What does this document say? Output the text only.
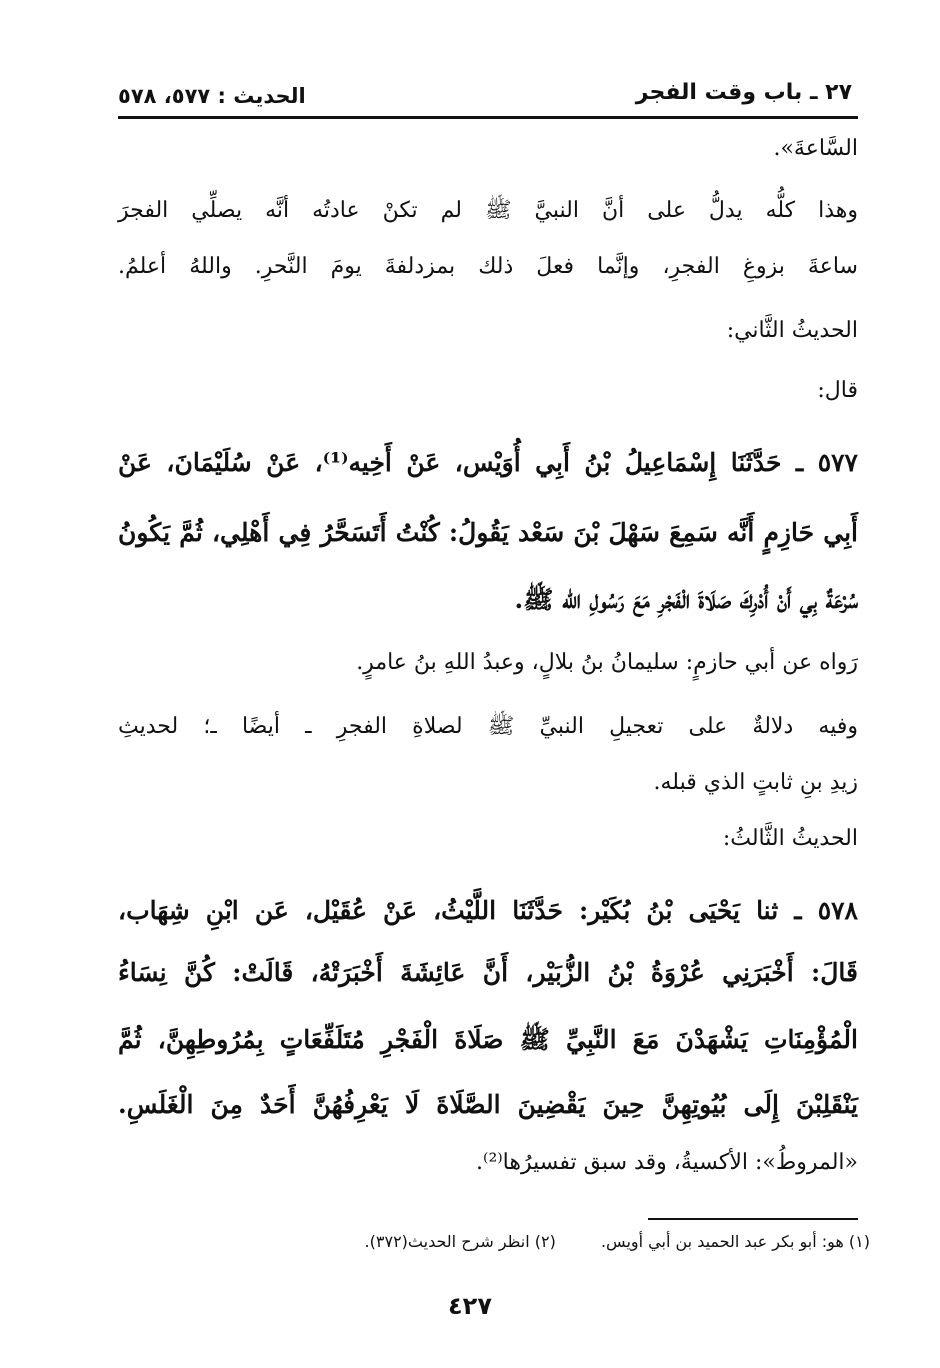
٢٧ ـ باب وقت الفجر
الحديث : ٥٧٧، ٥٧٨
السَّاعةَ».
وهذا كلُّه يدلُّ على أنَّ النبيَّ ﷺ لم تكنْ عادتُه أنَّه يصلِّي الفجرَ
ساعةَ بزوغِ الفجرِ، وإنَّما فعلَ ذلك بمزدلفةَ يومَ النَّحرِ. واللهُ أعلمُ.
الحديثُ الثَّاني:
قال:
٥٧٧ ـ حَدَّثَنَا إِسْمَاعِيلُ بْنُ أَبِي أُوَيْس، عَنْ أَخِيه⁽¹⁾، عَنْ سُلَيْمَانَ، عَنْ
أَبِي حَازِمٍ أَنَّه سَمِعَ سَهْلَ بْنَ سَعْد يَقُولُ: كُنْتُ أَتَسَحَّرُ فِي أَهْلِي، ثُمَّ يَكُونُ
سُرْعَةٌ بِي أَنْ أُدْرِكَ صَلَاةَ الْفَجْرِ مَعَ رَسُولِ الله ﷺ.
رَواه عن أبي حازمٍ: سليمانُ بنُ بلالٍ، وعبدُ اللهِ بنُ عامرٍ.
وفيه دلالةٌ على تعجيلِ النبيِّ ﷺ لصلاةِ الفجرِ ـ أيضًا ـ؛ لحديثِ
زيدِ بنِ ثابتٍ الذي قبله.
الحديثُ الثَّالثُ:
٥٧٨ ـ ثنا يَحْيَى بْنُ بُكَيْر: حَدَّثَنَا اللَّيْثُ، عَنْ عُقَيْل، عَن ابْنِ شِهَاب،
قَالَ: أَخْبَرَنِي عُرْوَةُ بْنُ الزُّبَيْر، أَنَّ عَائِشَةَ أَخْبَرَتْهُ، قَالَتْ: كُنَّ نِسَاءُ
الْمُؤْمِنَاتِ يَشْهَدْنَ مَعَ النَّبِيِّ ﷺ صَلَاةَ الْفَجْرِ مُتَلَفِّعَاتٍ بِمُرُوطِهِنَّ، ثُمَّ
يَنْقَلِبْنَ إِلَى بُيُوتِهِنَّ حِينَ يَقْضِينَ الصَّلَاةَ لَا يَعْرِفُهُنَّ أَحَدٌ مِنَ الْغَلَسِ.
«المروطُ»: الأكسيةُ، وقد سبق تفسيرُها⁽²⁾.
(١) هو: أبو بكر عبد الحميد بن أبي أويس. (٢) انظر شرح الحديث(٣٧٢).
٤٢٧
